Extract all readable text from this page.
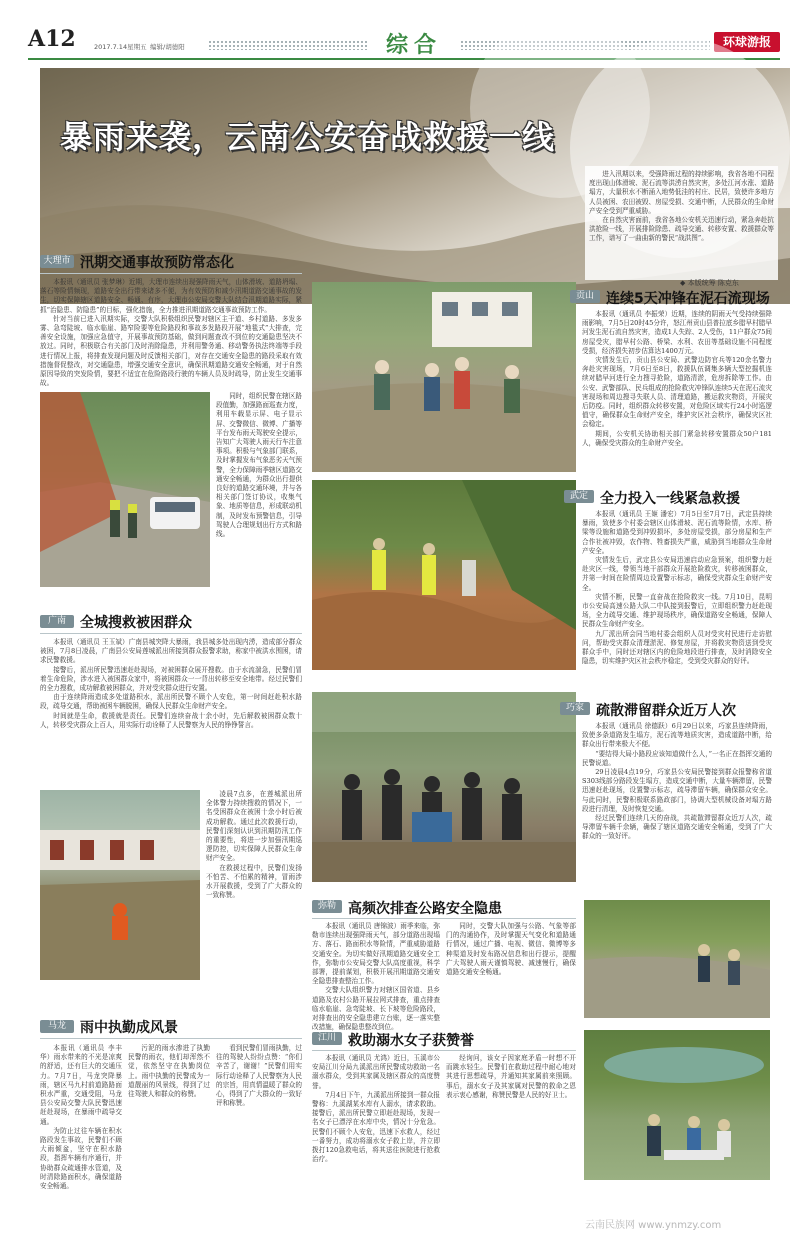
A12	2017.7.14星期五 编辑/胡德阳	综合	环球游报
暴雨来袭，云南公安奋战救援一线

进入汛期以来，受强降雨过程的持续影响，我省各地不同程度出现山体滑坡、泥石流等洪涝自然灾害，多处江河水涨、道路塌方，大量积水不断涌入地势低洼的村庄、民居，致使许多地方人员被困、农田被毁、房屋受损、交通中断，人民群众的生命财产安全受到严重威胁。

在自然灾害面前，我省各地公安机关迅速行动，紧急奔赴抗洪抢险一线，开展排险除患、疏导交通、转移安置、救援群众等工作，谱写了一曲曲新的警民“战洪图”。

◆ 本版统筹 陈克东
大理市 汛期交通事故预防常态化

本报讯（通讯员 张梦琳）近期，大理市连续出现强降雨天气，山体滑坡、道路坍塌、落石等险情频现，道路安全出行带来诸多不便，为有效预防和减少汛期道路交通事故的发生，切实保障辖区道路安全、畅通、有序，大理市公安局交警大队结合汛期道路实际，紧抓“治隐患、防隐患”的目标，强化措施，全力推进汛期道路交通事故预防工作。

针对当前已进入汛期实际，交警大队积极组织民警对辖区主干道、乡村道路、多发多雾、急弯陡坡、临水临崖、路窄险要等危险路段和事故多发路段开展“地毯式”大排查，完善安全设施，加强应急值守，开展事故预防基础，做到问题查改不到位的交通隐患坚决不放过。同时，积极联合有关部门及时消除隐患，并利用警务通、移动警务执法终端等手段进行情况上报，将排查发现问题及时反馈相关部门，对存在交通安全隐患的路段采取有效措施督促整改，对交通隐患，增强交通安全意识，确保汛期道路交通安全畅通，对于自然原因导致的突发险情，要把不适宜在危险路段行驶的车辆人员及时疏导，防止发生交通事故。

同时，组织民警在辖区路段值勤，加强路面巡查力度，利用车载显示屏、电子显示屏、交警微信、微博、广播等平台发布雨天驾驶安全提示，告知广大驾驶人雨天行车注意事项。积极与气象部门联系，及时掌握发布气象恶劣天气预警，全力保障雨季辖区道路交通安全畅通，为群众出行提供良好的道路交通环境，并与各相关部门签订协议，收集气象、地质等信息，形成联动机制，及时发布预警信息，引导驾驶人合理规划出行方式和路线。

广南	全城搜救被困群众

本报讯（通讯员 王玉斌）广南县城突降大暴雨，我县城多处出现内涝，造成部分群众被困，7月8日凌晨，广南县公安局莲城派出所接到群众报警求助，称家中被洪水围困，请求民警救援。

接警后，派出所民警迅速赶赴现场，对被困群众展开搜救。由于水流湍急，民警们冒着生命危险，涉水进入被困群众家中，将被困群众一一背出转移至安全地带。经过民警们的全力搜救，成功解救被困群众，并对受灾群众进行安置。

由于连续降雨造成多处道路积水，派出所民警不顾个人安危，第一时间赶赴积水路段，疏导交通，帮助被困车辆脱困，确保人民群众生命财产安全。

时间就是生命，救援就是责任。民警们连续奋战十余小时，先后解救被困群众数十人，转移受灾群众上百人，用实际行动诠释了人民警察为人民的铮铮誓言。

凌晨7点多，在莲城派出所全体警力持续搜救的情况下，一名受困群众在被困十余小时后被成功解救。通过此次救援行动，民警们深刻认识到汛期防汛工作的重要性，将进一步加强汛期巡逻防控，切实保障人民群众生命财产安全。

在救援过程中，民警们发扬不怕苦、不怕累的精神，冒雨涉水开展救援，受到了广大群众的一致称赞。

马龙	雨中执勤成风景

本报讯（通讯员 李丰华）雨水带来的不光是凉爽的舒适，还有巨大的交通压力。7月7日，马龙突降暴雨，辖区马九村前道路路面积水严重，交通受阻，马龙县公安局交警大队民警迅速赶赴现场，在暴雨中疏导交通。

为防止过往车辆在积水路段发生事故，民警们不顾大雨倾盆，坚守在积水路段，指挥车辆有序通行，并协助群众疏通排水管道，及时清除路面积水，确保道路安全畅通。

污泥的雨水渗进了执勤民警的雨衣，他们却浑然不觉，依然坚守在执勤岗位上。雨中执勤的民警成为一道靓丽的风景线，得到了过往驾驶人和群众的称赞。

看到民警们冒雨执勤，过往的驾驶人纷纷点赞：“你们辛苦了，谢谢！”民警们用实际行动诠释了人民警察为人民的宗旨，用真情温暖了群众的心，得到了广大群众的一致好评和称赞。

贡山 连续5天冲锋在泥石流现场

本报讯（通讯员 李振荣）近期，连续的阴雨天气受持续强降雨影响，7月5日20时45分许，怒江州贡山县普拉底乡腊早村腊早河发生泥石流自然灾害，造成1人失踪、2人受伤，11户群众75间房屋受灾，腊早村公路、桥梁、水利、农田等基础设施不同程度受损，经济损失初步估算达1400万元。

灾情发生后，贡山县公安局、武警边防官兵等120余名警力奔赴灾害现场，7月6日至8日，救援队伍调集多辆大型挖掘机连续对腊早河进行全力搜寻抢险，道路清淤，危房拆除等工作。由公安、武警部队、民兵组成的抢险救灾冲锋队连续5天在泥石流灾害现场和周边搜寻失联人员、清理道路，搬运救灾物资，开展灾后防疫。同时，组织群众转移安置，对危险区域实行24小时巡逻值守，确保群众生命财产安全，维护灾区社会秩序，确保灾区社会稳定。

期间，公安机关协助相关部门紧急转移安置群众50户181人，确保受灾群众的生命财产安全。

武定 全力投入一线紧急救援

本报讯（通讯员 王姬 潘宏）7月5日至7月7日，武定县持续暴雨，致使多个村委会辖区山体滑坡、泥石流等险情，水库、桥梁等设施和道路受到冲毁损坏，多处房屋受损，部分房屋和生产合作社被冲毁，农作物、牲畜损失严重，威胁到当地群众生命财产安全。

灾情发生后，武定县公安局迅速启动应急预案，组织警力赶赴灾区一线，带领当地干部群众开展抢险救灾，转移被困群众，并第一时间在险情周边设置警示标志，确保受灾群众生命财产安全。

灾情不断，民警一直奋战在抢险救灾一线。7月10日，昆明市公安局高速公路大队二中队接到报警后，立即组织警力赶赴现场，全力疏导交通、维护现场秩序，确保道路安全畅通，保障人民群众生命财产安全。

九厂派出所会同当地村委会组织人员对受灾村民进行走访慰问，帮助受灾群众清理淤泥、修复房屋，并将救灾物资送到受灾群众手中，同时还对辖区内的危险地段进行排查，及时消除安全隐患，切实维护灾区社会秩序稳定，受到受灾群众的好评。

巧家 疏散滞留群众近万人次

本报讯（通讯员 徐德跃）6月29日以来，巧家县连续降雨，致使多条道路发生塌方，泥石流等地质灾害，造成道路中断，给群众出行带来极大不便。

“要结得大局小路段应该知道做什么人，”一名正在指挥交通的民警说道。

29日凌晨4点19分，巧家县公安局民警接到群众报警称省道S303线部分路段发生塌方，造成交通中断，大量车辆滞留，民警迅速赶赴现场，设置警示标志，疏导滞留车辆，确保群众安全。与此同时，民警积极联系路政部门，协调大型机械设备对塌方路段进行清理，及时恢复交通。

经过民警们连续几天的奋战，共疏散滞留群众近万人次，疏导滞留车辆千余辆，确保了辖区道路交通安全畅通，受到了广大群众的一致好评。

弥勒 高频次排查公路安全隐患

本报讯（通讯员 唐锦波）雨季来临，弥勒市连续出现强降雨天气，部分道路出现塌方、落石、路面积水等险情，严重威胁道路交通安全。为切实做好汛期道路交通安全工作，弥勒市公安局交警大队高度重视，科学部署，提前谋划，积极开展汛期道路交通安全隐患排查整治工作。

交警大队组织警力对辖区国省道、县乡道路及农村公路开展拉网式排查，重点排查临水临崖、急弯陡坡、长下坡等危险路段，对排查出的安全隐患建立台账，逐一落实整改措施，确保隐患整改到位。

同时，交警大队加强与公路、气象等部门的沟通协作，及时掌握天气变化和道路通行情况，通过广播、电视、微信、微博等多种渠道及时发布路况信息和出行提示，提醒广大驾驶人雨天谨慎驾驶、减速慢行，确保道路交通安全畅通。

江川 救助溺水女子获赞誉

本报讯（通讯员 尤鸿）近日，玉溪市公安局江川分局九溪派出所民警成功救助一名溺水群众，受到其家属及辖区群众的高度赞誉。

7月4日下午，九溪派出所接到一群众报警称：九溪湖某水库有人溺水，请求救助。接警后，派出所民警立即赶赴现场，发现一名女子已漂浮在水库中央，情况十分危急。民警们不顾个人安危，迅速下水救人，经过一番努力，成功将溺水女子救上岸，并立即拨打120急救电话，将其送往医院进行抢救治疗。

经询问，该女子因家庭矛盾一时想不开而跳水轻生。民警们在救助过程中耐心地对其进行思想疏导，并通知其家属前来照顾。事后，溺水女子及其家属对民警的救命之恩表示衷心感谢，称赞民警是人民的好卫士。

云南民族网 www.ynmzy.com
